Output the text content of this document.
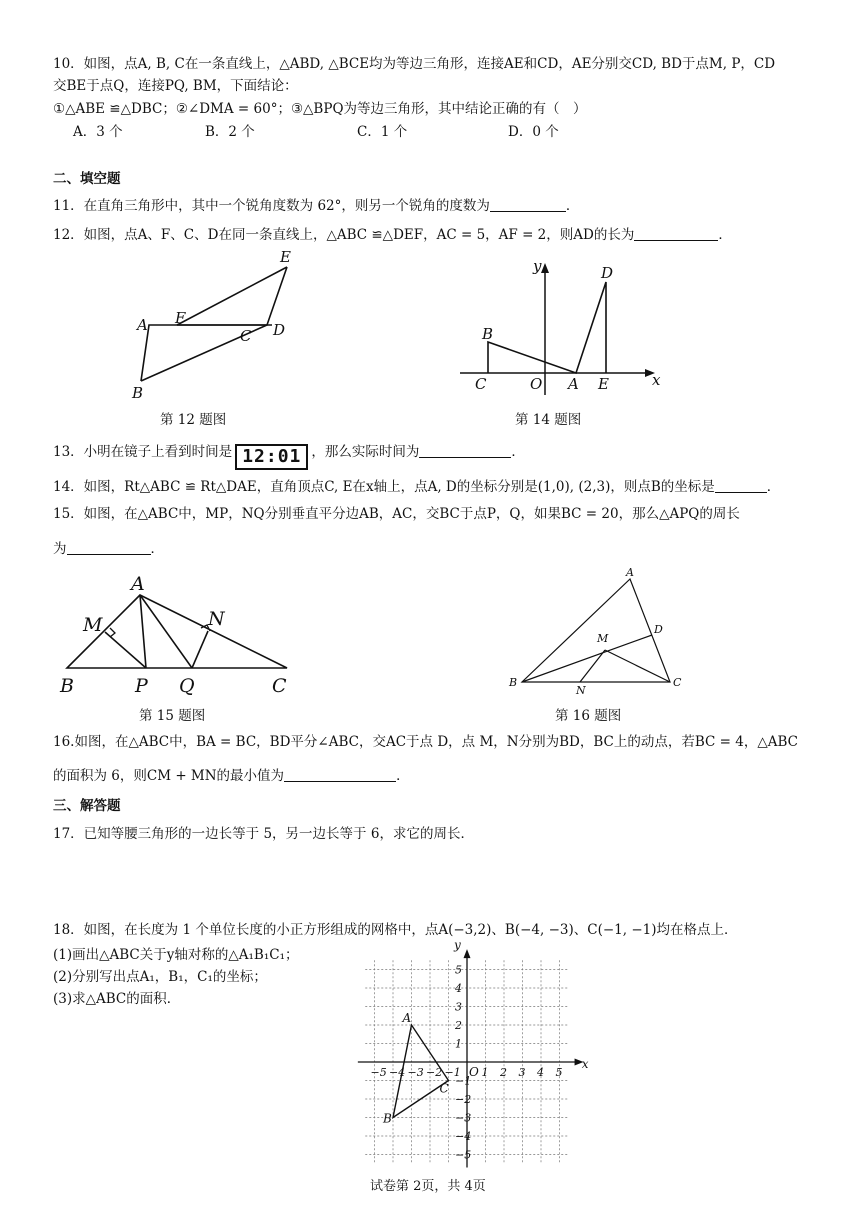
10．如图，点A, B, C在一条直线上，△ABD, △BCE均为等边三角形，连接AE和CD，AE分别交CD, BD于点M, P，CD
交BE于点Q，连接PQ, BM，下面结论：
①△ABE ≌△DBC；②∠DMA = 60°；③△BPQ为等边三角形，其中结论正确的有（　）
A．3 个	B．2 个	C．1 个	D．0 个
二、填空题
11．在直角三角形中，其中一个锐角度数为 62°，则另一个锐角的度数为	．
12．如图，点A、F、C、D在同一条直线上，△ABC ≌△DEF，AC = 5，AF = 2，则AD的长为	．
E
A F
C D
B
第 12 题图
y	D
B
C	O A E	x
第 14 题图
13．小明在镜子上看到时间是 12:01 ，那么实际时间为	．
14．如图，Rt△ABC ≌ Rt△DAE，直角顶点C, E在x轴上，点A, D的坐标分别是(1,0), (2,3)，则点B的坐标是	．
15．如图，在△ABC中，MP，NQ分别垂直平分边AB，AC，交BC于点P，Q，如果BC = 20，那么△APQ的周长
为	．
A
M	N
B	P Q	C
第 15 题图
A
D
M
B
N
C
第 16 题图
16.如图，在△ABC中，BA = BC，BD平分∠ABC，交AC于点 D，点 M，N分别为BD，BC上的动点，若BC = 4，△ABC
的面积为 6，则CM + MN的最小值为	．
三、解答题
17．已知等腰三角形的一边长等于 5，另一边长等于 6，求它的周长．
18．如图，在长度为 1 个单位长度的小正方形组成的网格中，点A(−3,2)、B(−4, −3)、C(−1, −1)均在格点上．
(1)画出△ABC关于y轴对称的△A₁B₁C₁；
(2)分别写出点A₁，B₁，C₁的坐标；
(3)求△ABC的面积．
−5 −4 −3 −2 −1 1 2 3 4 5
5
4
3
2
1
−1
−2
−3
−4
−5
O
x
y
A
B
C
试卷第 2页，共 4页
